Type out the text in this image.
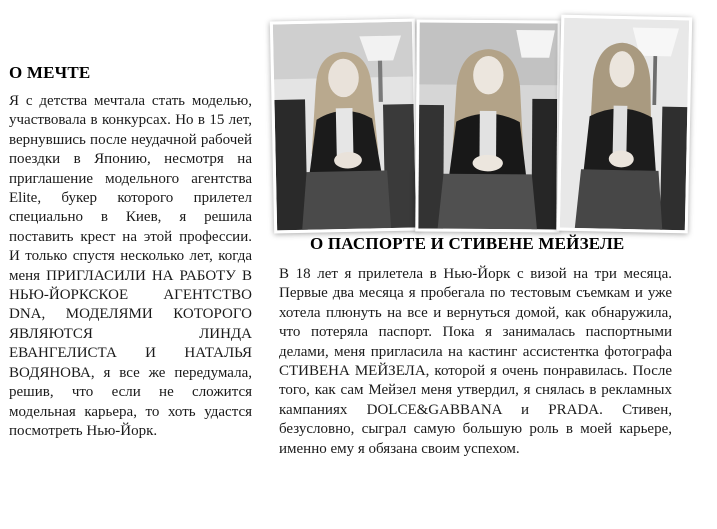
О МЕЧТЕ

Я с детства мечтала стать моделью, участвовала в конкурсах. Но в 15 лет, вернувшись после неудачной рабочей поездки в Японию, несмотря на приглашение модельного агентства Elite, букер которого прилетел специально в Киев, я решила поставить крест на этой профессии. И только спустя несколько лет, когда меня ПРИГЛАСИЛИ НА РАБОТУ В НЬЮ-ЙОРКСКОЕ АГЕНТСТВО DNA, МОДЕЛЯМИ КОТОРОГО ЯВЛЯЮТСЯ ЛИНДА ЕВАНГЕЛИСТА И НАТАЛЬЯ ВОДЯНОВА, я все же передумала, решив, что если не сложится модельная карьера, то хоть удастся посмотреть Нью-Йорк.

О ПАСПОРТЕ И СТИВЕНЕ МЕЙЗЕЛЕ

В 18 лет я прилетела в Нью-Йорк с визой на три месяца. Первые два месяца я пробегала по тестовым съемкам и уже хотела плюнуть на все и вернуться домой, как обнаружила, что потеряла паспорт. Пока я занималась паспортными делами, меня пригласила на кастинг ассистентка фотографа СТИВЕНА МЕЙЗЕЛА, которой я очень понравилась. После того, как сам Мейзел меня утвердил, я снялась в рекламных кампаниях DOLCE&GABBANA и PRADA. Стивен, безусловно, сыграл самую большую роль в моей карьере, именно ему я обязана своим успехом.
